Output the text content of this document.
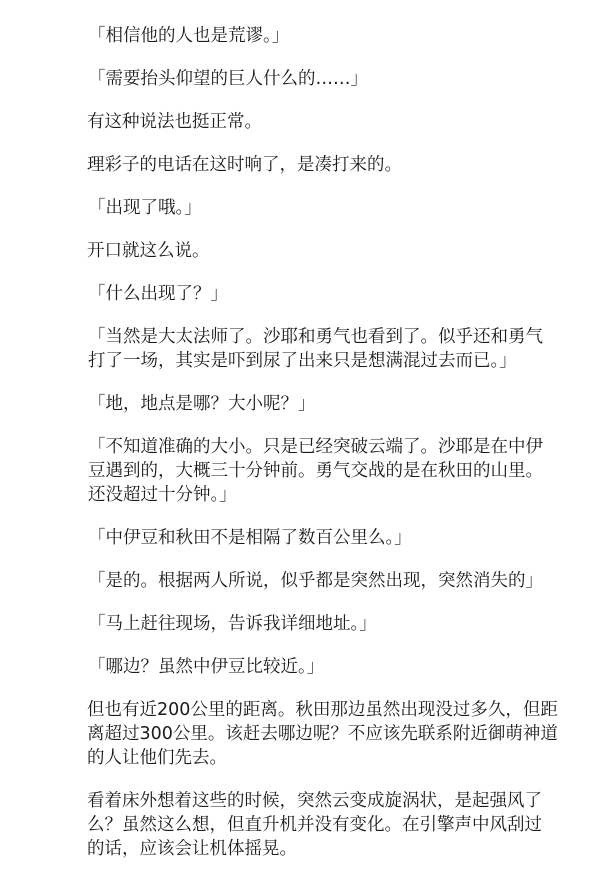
「相信他的人也是荒谬。」

「需要抬头仰望的巨人什么的……」

有这种说法也挺正常。

理彩子的电话在这时响了，是凑打来的。

「出现了哦。」

开口就这么说。

「什么出现了？」

「当然是大太法师了。沙耶和勇气也看到了。似乎还和勇气打了一场，其实是吓到尿了出来只是想满混过去而已。」

「地，地点是哪？大小呢？」

「不知道准确的大小。只是已经突破云端了。沙耶是在中伊豆遇到的，大概三十分钟前。勇气交战的是在秋田的山里。还没超过十分钟。」

「中伊豆和秋田不是相隔了数百公里么。」

「是的。根据两人所说，似乎都是突然出现，突然消失的」

「马上赶往现场，告诉我详细地址。」

「哪边？虽然中伊豆比较近。」

但也有近200公里的距离。秋田那边虽然出现没过多久，但距离超过300公里。该赶去哪边呢？不应该先联系附近御萌神道的人让他们先去。

看着床外想着这些的时候，突然云变成旋涡状，是起强风了么？虽然这么想，但直升机并没有变化。在引擎声中风刮过的话，应该会让机体摇晃。
